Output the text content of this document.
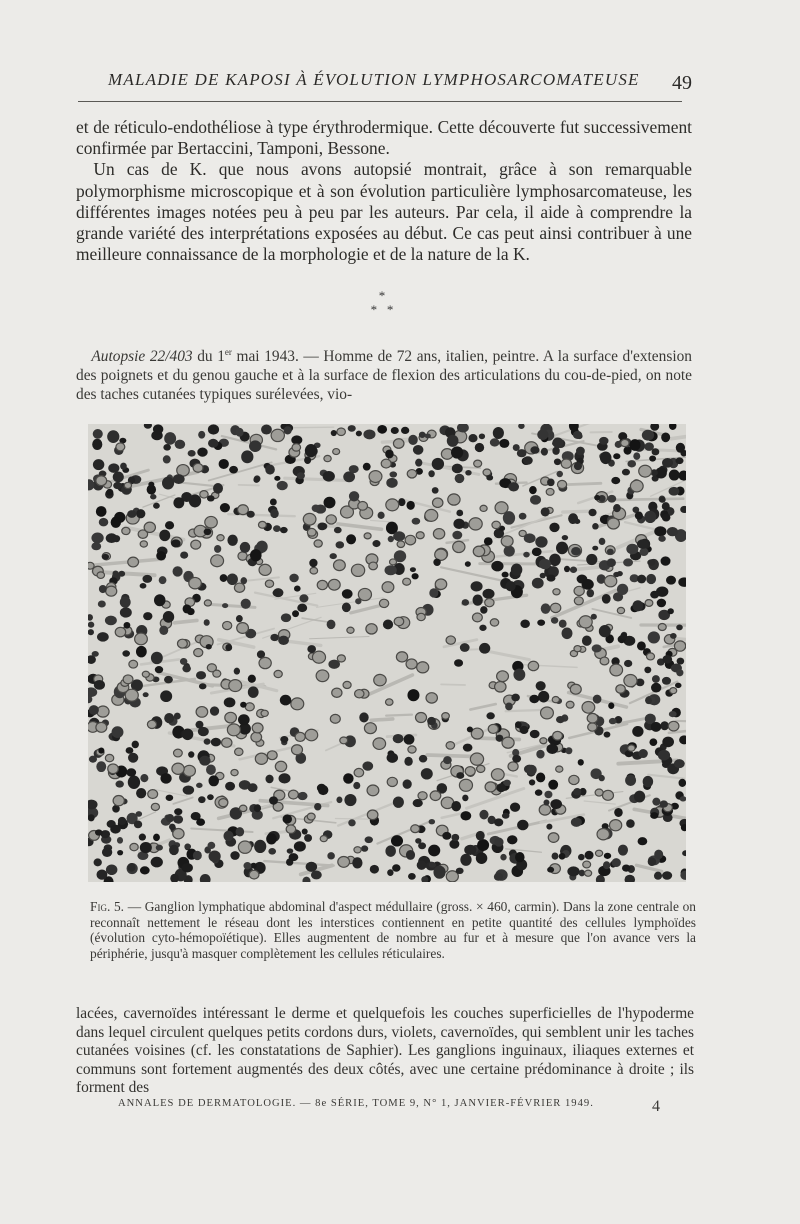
MALADIE DE KAPOSI À ÉVOLUTION LYMPHOSARCOMATEUSE	49

et de réticulo-endothéliose à type érythrodermique. Cette découverte fut successivement confirmée par Bertaccini, Tamponi, Bessone.

Un cas de K. que nous avons autopsié montrait, grâce à son remarquable polymorphisme microscopique et à son évolution particulière lymphosarcomateuse, les différentes images notées peu à peu par les auteurs. Par cela, il aide à comprendre la grande variété des interprétations exposées au début. Ce cas peut ainsi contribuer à une meilleure connaissance de la morphologie et de la nature de la K.

*
*   *
Autopsie 22/403 du 1er mai 1943. — Homme de 72 ans, italien, peintre. A la surface d'extension des poignets et du genou gauche et à la surface de flexion des articulations du cou-de-pied, on note des taches cutanées typiques surélevées, vio-
Fig. 5. — Ganglion lymphatique abdominal d'aspect médullaire (gross. × 460, carmin). Dans la zone centrale on reconnaît nettement le réseau dont les interstices contiennent en petite quantité des cellules lymphoïdes (évolution cyto-hémopoïétique). Elles augmentent de nombre au fur et à mesure que l'on avance vers la périphérie, jusqu'à masquer complètement les cellules réticulaires.
lacées, cavernoïdes intéressant le derme et quelquefois les couches superficielles de l'hypoderme dans lequel circulent quelques petits cordons durs, violets, cavernoïdes, qui semblent unir les taches cutanées voisines (cf. les constatations de Saphier). Les ganglions inguinaux, iliaques externes et communs sont fortement augmentés des deux côtés, avec une certaine prédominance à droite ; ils forment des
ANNALES DE DERMATOLOGIE. — 8e SÉRIE, TOME 9, N° 1, JANVIER-FÉVRIER 1949.	4
